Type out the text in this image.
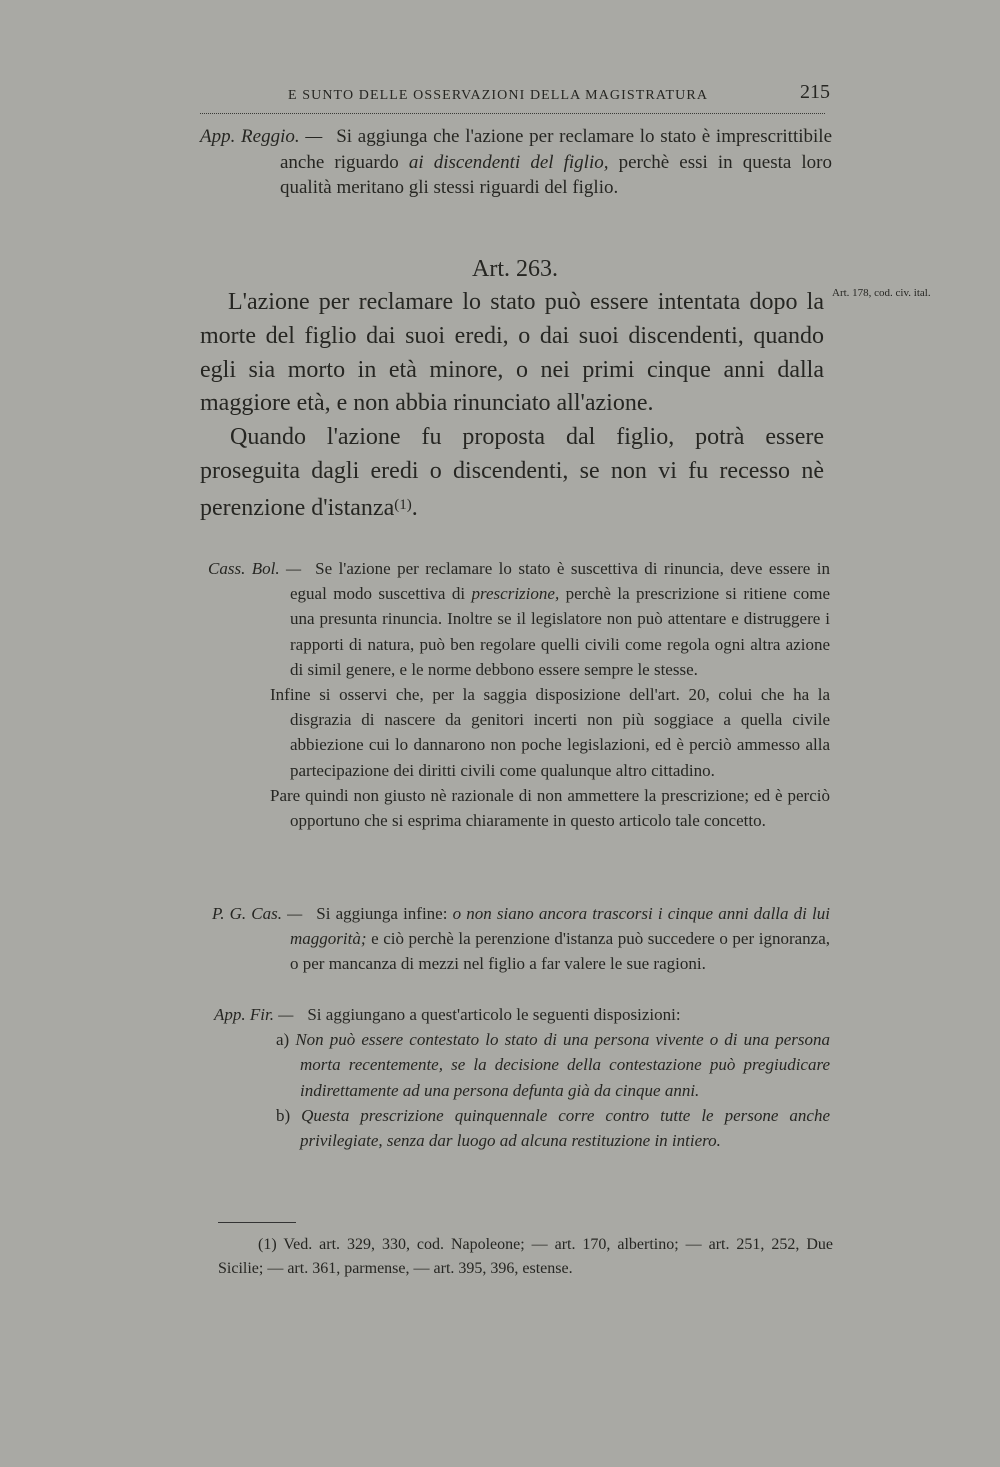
E SUNTO DELLE OSSERVAZIONI DELLA MAGISTRATURA	215

App. Reggio. — Si aggiunga che l'azione per reclamare lo stato è imprescrittibile anche riguardo ai discendenti del figlio, perchè essi in questa loro qualità meritano gli stessi riguardi del figlio.

Art. 263.
Art. 178, cod. civ. ital.

L'azione per reclamare lo stato può essere intentata dopo la morte del figlio dai suoi eredi, o dai suoi discendenti, quando egli sia morto in età minore, o nei primi cinque anni dalla maggiore età, e non abbia rinunciato all'azione.

Quando l'azione fu proposta dal figlio, potrà essere proseguita dagli eredi o discendenti, se non vi fu recesso nè perenzione d'istanza$^{(1)}$.

Cass. Bol. — Se l'azione per reclamare lo stato è suscettiva di rinuncia, deve essere in egual modo suscettiva di prescrizione, perchè la prescrizione si ritiene come una presunta rinuncia. Inoltre se il legislatore non può attentare e distruggere i rapporti di natura, può ben regolare quelli civili come regola ogni altra azione di simil genere, e le norme debbono essere sempre le stesse.

Infine si osservi che, per la saggia disposizione dell'art. 20, colui che ha la disgrazia di nascere da genitori incerti non più soggiace a quella civile abbiezione cui lo dannarono non poche legislazioni, ed è perciò ammesso alla partecipazione dei diritti civili come qualunque altro cittadino.

Pare quindi non giusto nè razionale di non ammettere la prescrizione; ed è perciò opportuno che si esprima chiaramente in questo articolo tale concetto.

P. G. Cas. — Si aggiunga infine: o non siano ancora trascorsi i cinque anni dalla di lui maggorità; e ciò perchè la perenzione d'istanza può succedere o per ignoranza, o per mancanza di mezzi nel figlio a far valere le sue ragioni.

App. Fir. — Si aggiungano a quest'articolo le seguenti disposizioni:

a) Non può essere contestato lo stato di una persona vivente o di una persona morta recentemente, se la decisione della contestazione può pregiudicare indirettamente ad una persona defunta già da cinque anni.

b) Questa prescrizione quinquennale corre contro tutte le persone anche privilegiate, senza dar luogo ad alcuna restituzione in intiero.

(1) Ved. art. 329, 330, cod. Napoleone; — art. 170, albertino; — art. 251, 252, Due Sicilie; — art. 361, parmense, — art. 395, 396, estense.
